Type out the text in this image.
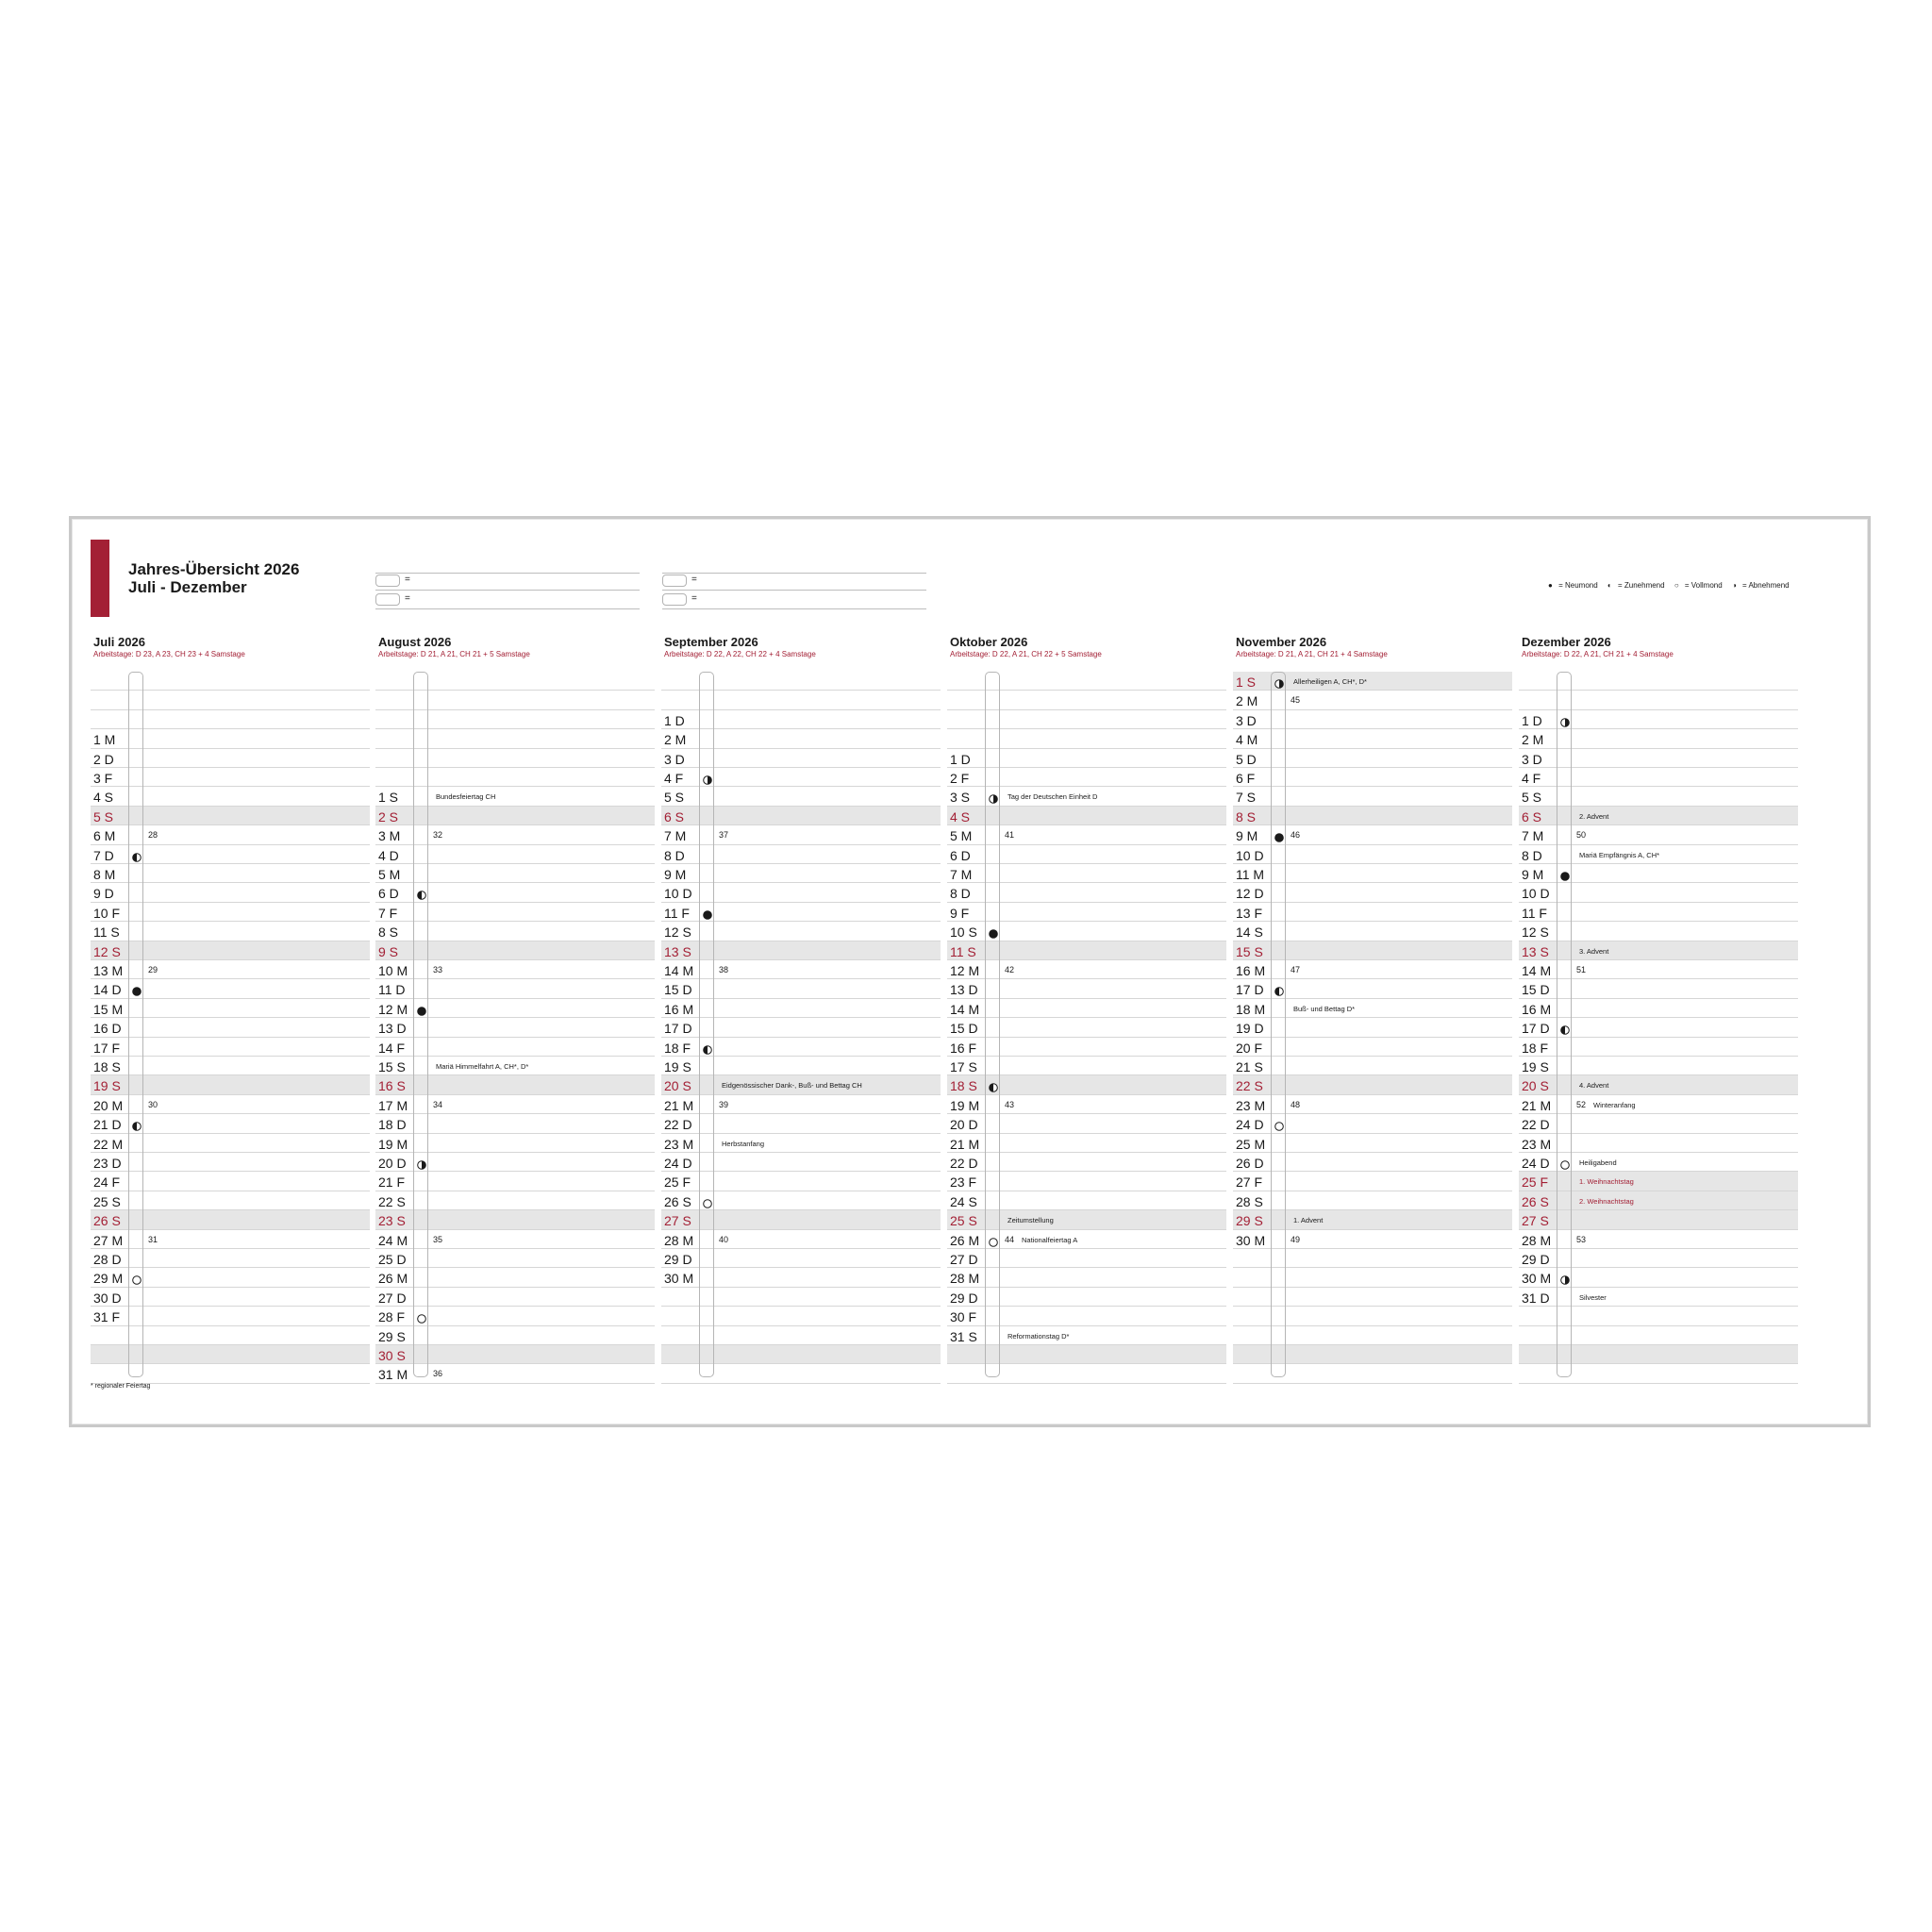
Jahres-Übersicht 2026
Juli - Dezember	=
=
=
=
● = Neumond ◐ = Zunehmend ○ = Vollmond ◑ = Abnehmend
Juli 2026
Arbeitstage: D 23, A 23, CH 23 + 4 Samstage
1 M
2 D
3 F
4 S
5 S
6 M	28
7 D
8 M
9 D
10 F
11 S
12 S
13 M	29
14 D
15 M
16 D
17 F
18 S
19 S
20 M	30
21 D
22 M
23 D
24 F
25 S
26 S
27 M	31
28 D
29 M
30 D
31 F
August 2026
Arbeitstage: D 21, A 21, CH 21 + 5 Samstage
1 S	Bundesfeiertag CH
2 S
3 M	32
4 D
5 M
6 D
7 F
8 S
9 S
10 M	33
11 D
12 M
13 D
14 F
15 S	Mariä Himmelfahrt A, CH*, D*
16 S
17 M	34
18 D
19 M
20 D
21 F
22 S
23 S
24 M	35
25 D
26 M
27 D
28 F
29 S
30 S
31 M	36
September 2026
Arbeitstage: D 22, A 22, CH 22 + 4 Samstage
1 D
2 M
3 D
4 F
5 S
6 S
7 M	37
8 D
9 M
10 D
11 F
12 S
13 S
14 M	38
15 D
16 M
17 D
18 F
19 S
20 S	Eidgenössischer Dank-, Buß- und Bettag CH
21 M	39
22 D
23 M	Herbstanfang
24 D
25 F
26 S
27 S
28 M	40
29 D
30 M
Oktober 2026
Arbeitstage: D 22, A 21, CH 22 + 5 Samstage
1 D
2 F
3 S	Tag der Deutschen Einheit D
4 S
5 M	41
6 D
7 M
8 D
9 F
10 S
11 S
12 M	42
13 D
14 M
15 D
16 F
17 S
18 S
19 M	43
20 D
21 M
22 D
23 F
24 S
25 S	Zeitumstellung
26 M	44 Nationalfeiertag A
27 D
28 M
29 D
30 F
31 S	Reformationstag D*
November 2026
Arbeitstage: D 21, A 21, CH 21 + 4 Samstage
1 S	Allerheiligen A, CH*, D*
2 M	45
3 D
4 M
5 D
6 F
7 S
8 S
9 M	46
10 D
11 M
12 D
13 F
14 S
15 S
16 M	47
17 D
18 M	Buß- und Bettag D*
19 D
20 F
21 S
22 S
23 M	48
24 D
25 M
26 D
27 F
28 S
29 S	1. Advent
30 M	49
Dezember 2026
Arbeitstage: D 22, A 21, CH 21 + 4 Samstage
1 D
2 M
3 D
4 F
5 S
6 S	2. Advent
7 M	50
8 D	Mariä Empfängnis A, CH*
9 M
10 D
11 F
12 S
13 S	3. Advent
14 M	51
15 D
16 M
17 D
18 F
19 S
20 S	4. Advent
21 M	52 Winteranfang
22 D
23 M
24 D	Heiligabend
25 F	1. Weihnachtstag
26 S	2. Weihnachtstag
27 S
28 M	53
29 D
30 M
31 D	Silvester
* regionaler Feiertag
